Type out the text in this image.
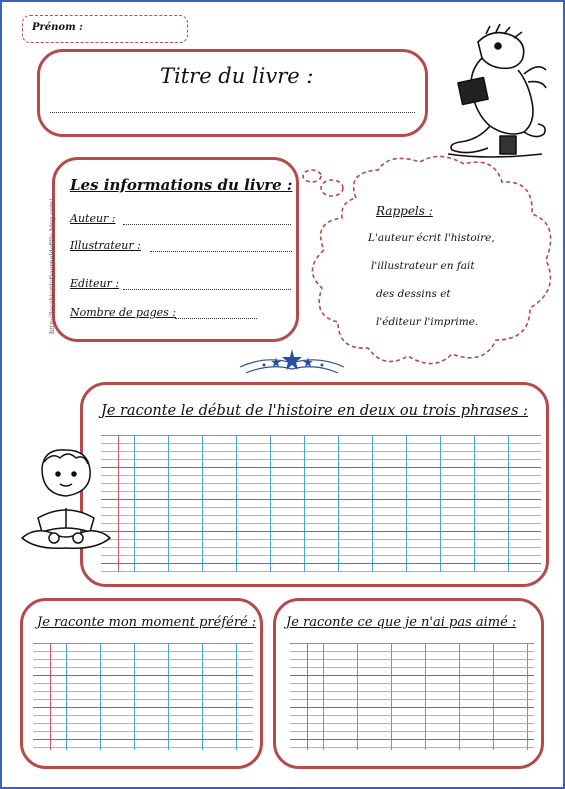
Prénom :
Titre du livre :
Les informations du livre :
Auteur :
Illustrateur :
Editeur :
Nombre de pages :
http://lecahierdefjournaldefille.blog.com/	Rappels :
L'auteur écrit l'histoire,
l'illustrateur en fait
des dessins et
l'éditeur l'imprime.
Je raconte le début de l'histoire en deux ou trois phrases :
Je raconte mon moment préféré : Je raconte ce que je n'ai pas aimé :
